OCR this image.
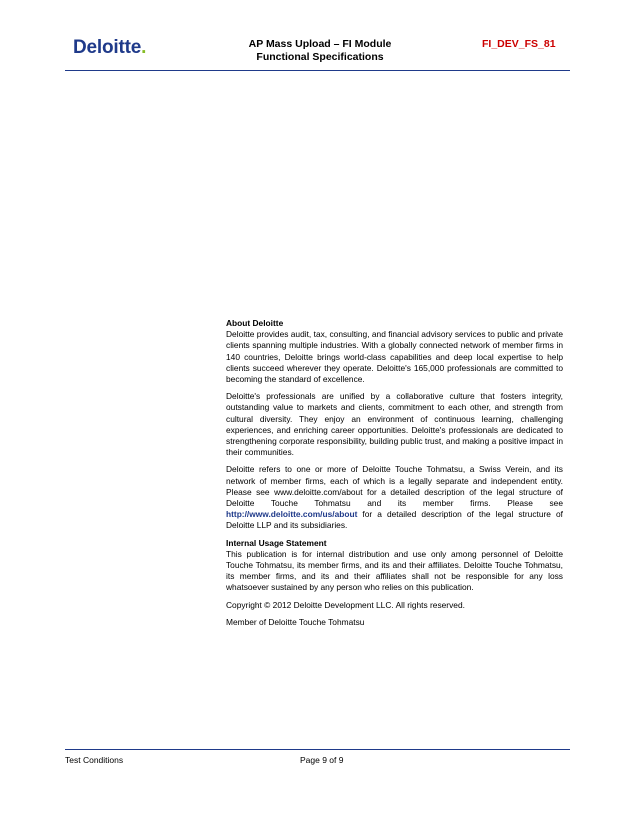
Deloitte.	AP Mass Upload – FI Module
Functional Specifications
FI_DEV_FS_81

About Deloitte

Deloitte provides audit, tax, consulting, and financial advisory services to public and private clients spanning multiple industries. With a globally connected network of member firms in 140 countries, Deloitte brings world-class capabilities and deep local expertise to help clients succeed wherever they operate. Deloitte's 165,000 professionals are committed to becoming the standard of excellence.

Deloitte's professionals are unified by a collaborative culture that fosters integrity, outstanding value to markets and clients, commitment to each other, and strength from cultural diversity. They enjoy an environment of continuous learning, challenging experiences, and enriching career opportunities. Deloitte's professionals are dedicated to strengthening corporate responsibility, building public trust, and making a positive impact in their communities.

Deloitte refers to one or more of Deloitte Touche Tohmatsu, a Swiss Verein, and its network of member firms, each of which is a legally separate and independent entity. Please see www.deloitte.com/about for a detailed description of the legal structure of Deloitte Touche Tohmatsu and its member firms. Please see http://www.deloitte.com/us/about for a detailed description of the legal structure of Deloitte LLP and its subsidiaries.

Internal Usage Statement

This publication is for internal distribution and use only among personnel of Deloitte Touche Tohmatsu, its member firms, and its and their affiliates. Deloitte Touche Tohmatsu, its member firms, and its and their affiliates shall not be responsible for any loss whatsoever sustained by any person who relies on this publication.

Copyright © 2012 Deloitte Development LLC. All rights reserved.

Member of Deloitte Touche Tohmatsu

Test Conditions	Page 9 of 9
